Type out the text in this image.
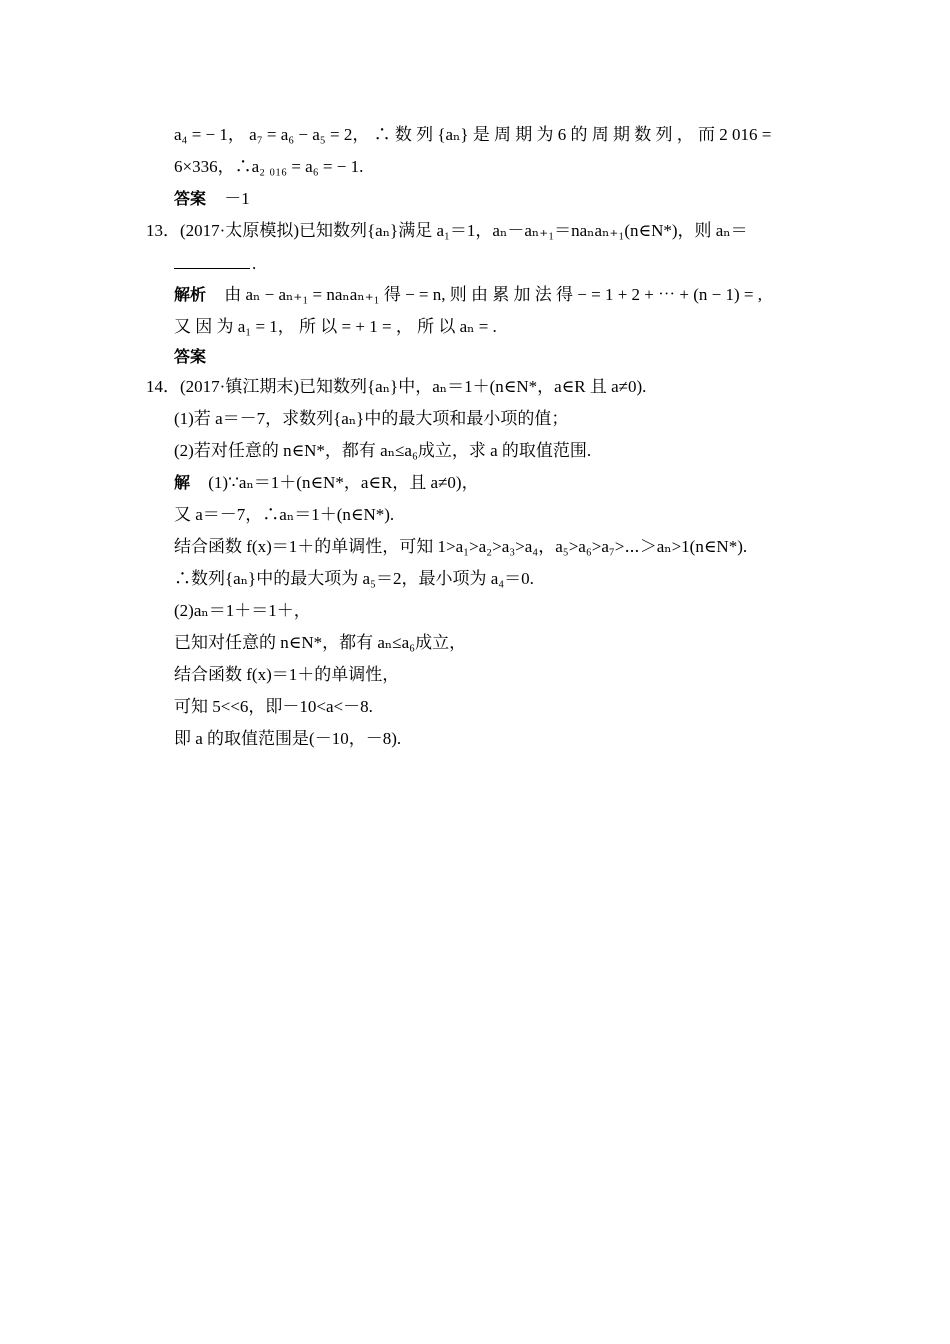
a₄ = − 1， a₇ = a₆ − a₅ = 2， ∴ 数 列 {aₙ} 是 周 期 为 6 的 周 期 数 列 ， 而 2 016 =
6×336，∴a₂ ₀₁₆ = a₆ = − 1.
答案 －1
13．(2017·太原模拟)已知数列{aₙ}满足 a₁＝1，aₙ－aₙ₊₁＝naₙaₙ₊₁(n∈N*)，则 aₙ＝
.
解析 由 aₙ − aₙ₊₁ = naₙaₙ₊₁ 得 − = n, 则 由 累 加 法 得 − = 1 + 2 + ⋯ + (n − 1) = ,
又 因 为 a₁ = 1， 所 以 = + 1 = ， 所 以 aₙ = .
答案
14．(2017·镇江期末)已知数列{aₙ}中，aₙ＝1＋(n∈N*，a∈R 且 a≠0).
(1)若 a＝－7，求数列{aₙ}中的最大项和最小项的值；
(2)若对任意的 n∈N*，都有 aₙ≤a₆成立，求 a 的取值范围.
解 (1)∵aₙ＝1＋(n∈N*，a∈R，且 a≠0)，
又 a＝－7，∴aₙ＝1＋(n∈N*).
结合函数 f(x)＝1＋的单调性，可知 1>a₁>a₂>a₃>a₄，a₅>a₆>a₇>⋯＞aₙ>1(n∈N*).
∴数列{aₙ}中的最大项为 a₅＝2，最小项为 a₄＝0.
(2)aₙ＝1＋＝1＋，
已知对任意的 n∈N*，都有 aₙ≤a₆成立，
结合函数 f(x)＝1＋的单调性，
可知 5<<6，即－10<a<－8.
即 a 的取值范围是(－10，－8).
